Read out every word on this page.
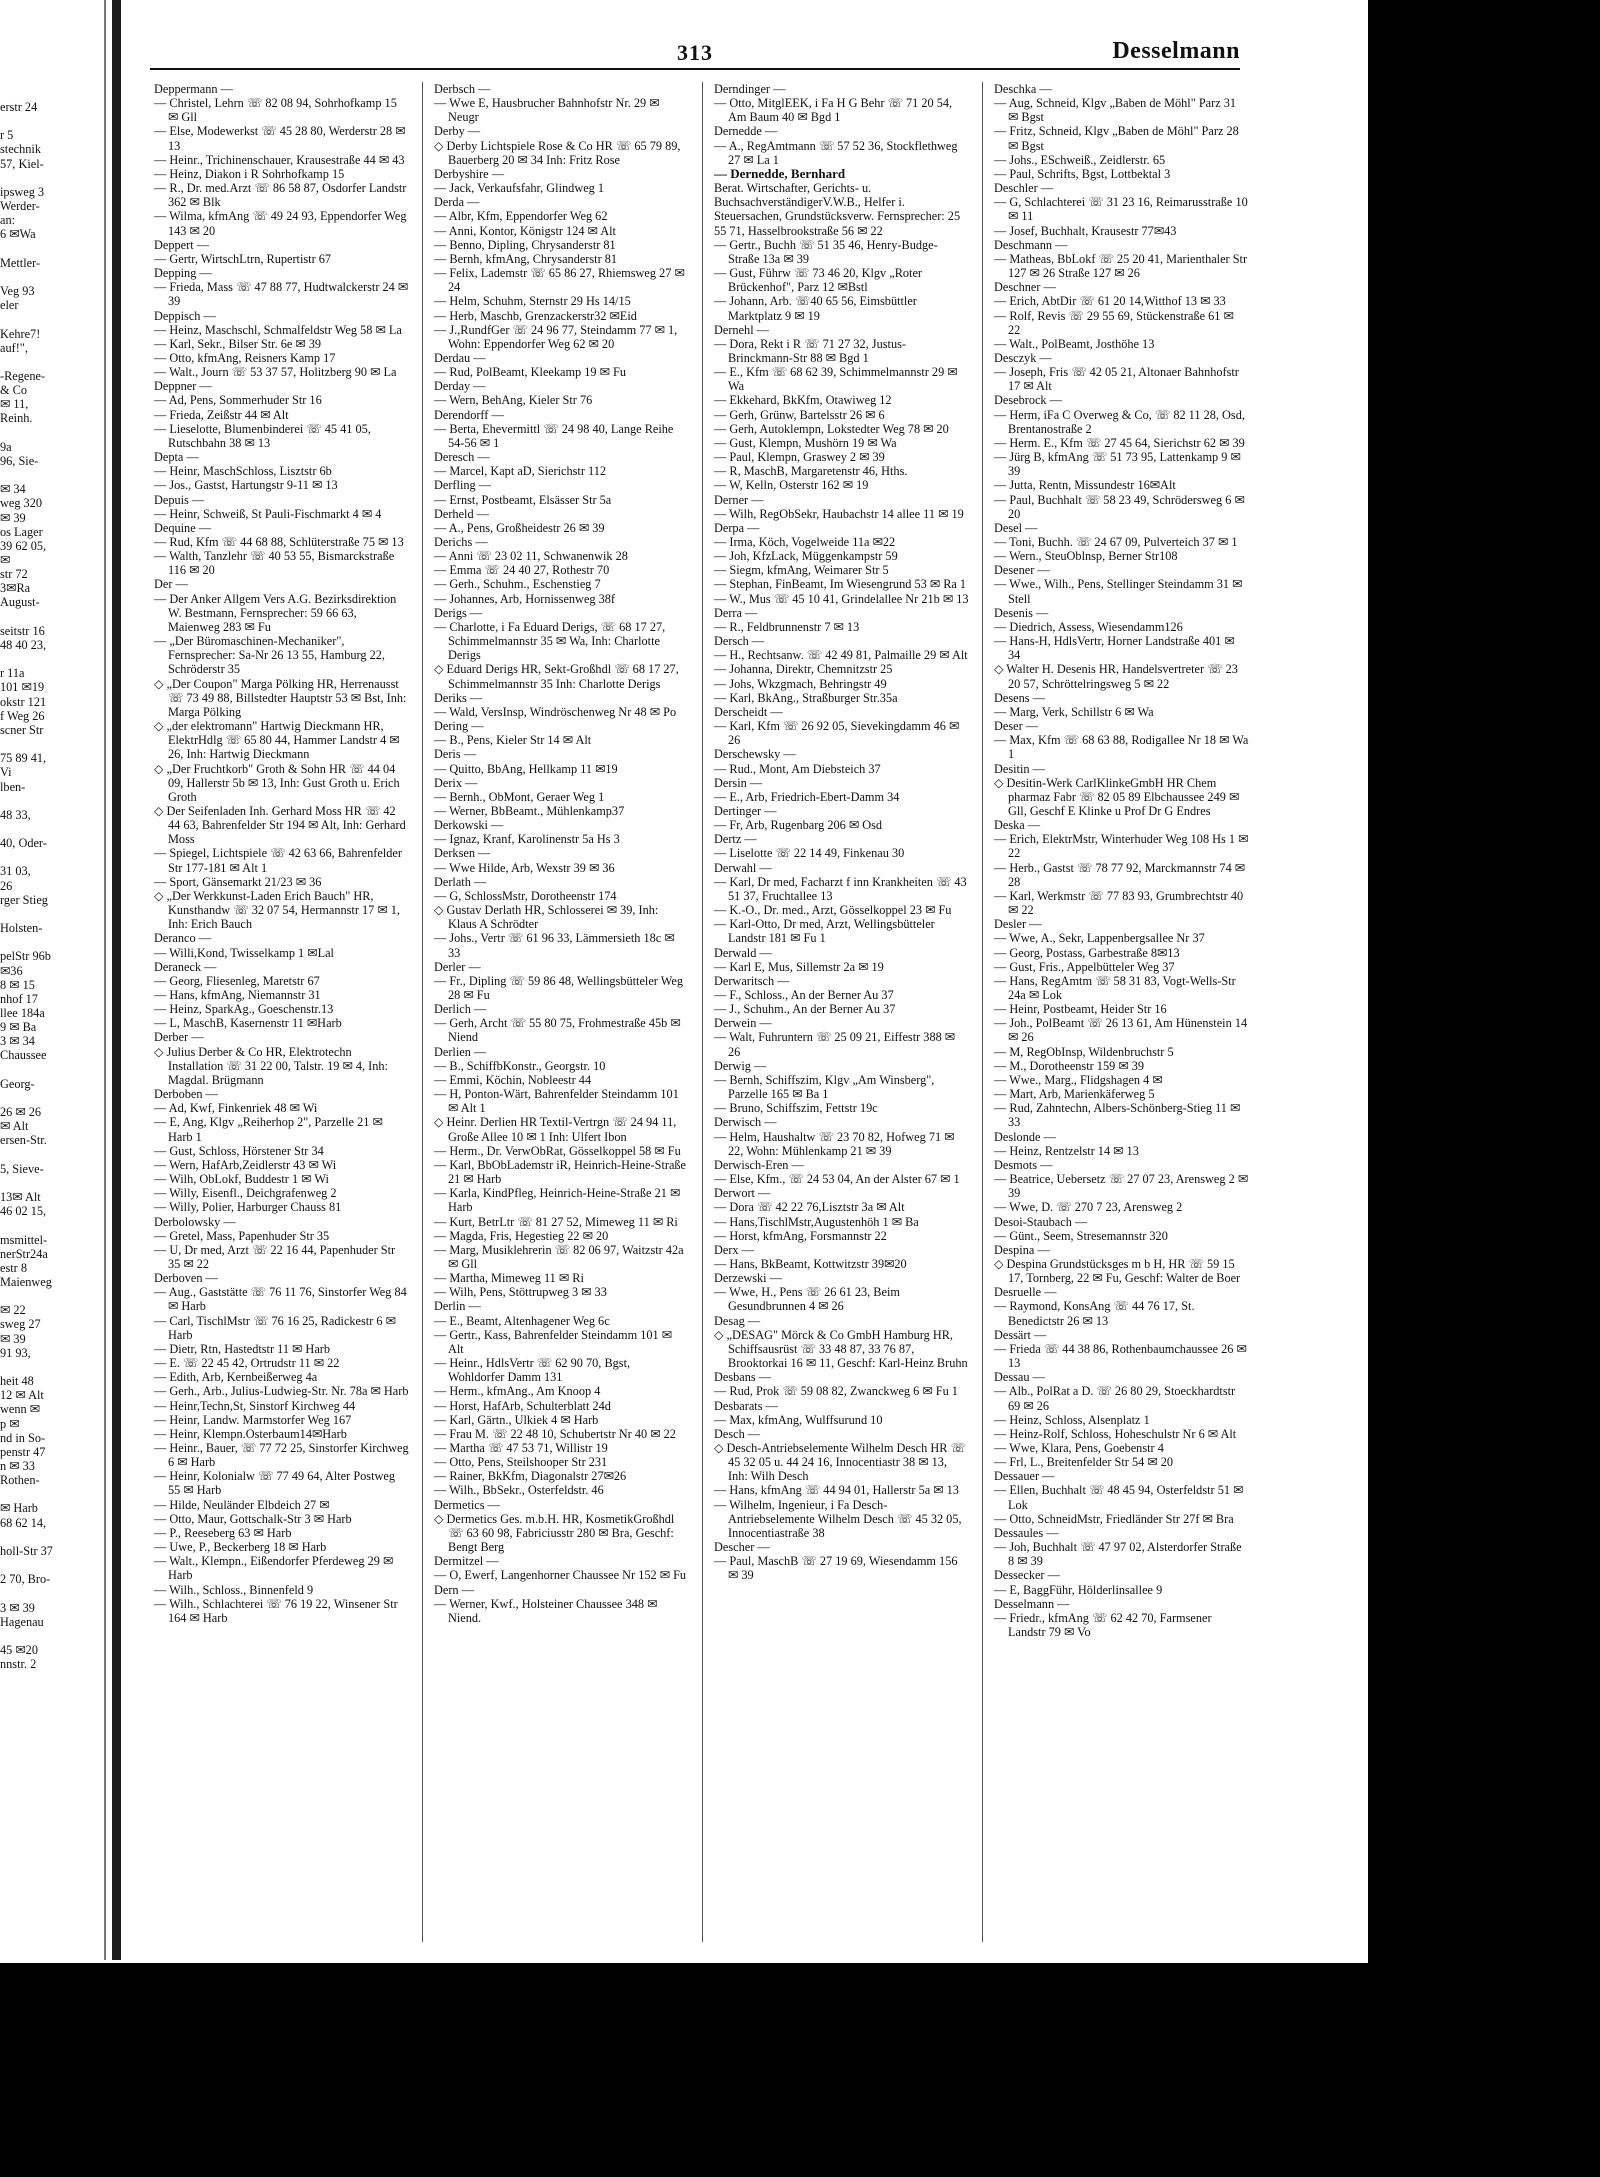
erstr 24

r 5
stechnik
57, Kiel-

ipsweg 3
Werder-
an:
6 ✉Wa

Mettler-

Veg 93
eler

Kehre7!
auf!",

-Regene-
& Co
✉ 11,
Reinh.

9a
96, Sie-

✉ 34
weg 320
✉ 39
os Lager
39 62 05,
✉
str 72
3✉Ra
August-

seitstr 16
48 40 23,

r 11a
101 ✉19
okstr 121
f Weg 26
scner Str

75 89 41,
Vi
lben-

48 33,

40, Oder-

31 03,
26
rger Stieg

Holsten-

pelStr 96b
✉36
8 ✉ 15
nhof 17
llee 184a
9 ✉ Ba
3 ✉ 34
Chaussee

Georg-

26 ✉ 26
✉ Alt
ersen-Str.

5, Sieve-

13✉ Alt
46 02 15,

msmittel-
nerStr24a
estr 8
Maienweg

✉ 22
sweg 27
✉ 39
91 93,

heit 48
12 ✉ Alt
wenn ✉
p ✉
nd in So-
penstr 47
n ✉ 33
Rothen-

✉ Harb
68 62 14,

holl-Str 37

2 70, Bro-

3 ✉ 39
Hagenau

45 ✉20
nnstr. 2
313	Desselmann
Deppermann —
— Christel, Lehrn ☏ 82 08 94, Sohrhofkamp 15 ✉ Gll
— Else, Modewerkst ☏ 45 28 80, Werderstr 28 ✉ 13
— Heinr., Trichinenschauer, Krausestraße 44 ✉ 43
— Heinz, Diakon i R Sohrhofkamp 15
— R., Dr. med.Arzt ☏ 86 58 87, Osdorfer Landstr 362 ✉ Blk
— Wilma, kfmAng ☏ 49 24 93, Eppendorfer Weg 143 ✉ 20
Deppert —
— Gertr, WirtschLtrn, Rupertistr 67
Depping —
— Frieda, Mass ☏ 47 88 77, Hudtwalckerstr 24 ✉ 39
Deppisch —
— Heinz, Maschschl, Schmalfeldstr Weg 58 ✉ La
— Karl, Sekr., Bilser Str. 6e ✉ 39
— Otto, kfmAng, Reisners Kamp 17
— Walt., Journ ☏ 53 37 57, Holitzberg 90 ✉ La
Deppner —
— Ad, Pens, Sommerhuder Str 16
— Frieda, Zeißstr 44 ✉ Alt
— Lieselotte, Blumenbinderei ☏ 45 41 05, Rutschbahn 38 ✉ 13
Depta —
— Heinr, MaschSchloss, Lisztstr 6b
— Jos., Gastst, Hartungstr 9-11 ✉ 13
Depuis —
— Heinr, Schweiß, St Pauli-Fischmarkt 4 ✉ 4
Dequine —
— Rud, Kfm ☏ 44 68 88, Schlüterstraße 75 ✉ 13
— Walth, Tanzlehr ☏ 40 53 55, Bismarckstraße 116 ✉ 20
Der —
— Der Anker Allgem Vers A.G. Bezirksdirektion W. Bestmann, Fernsprecher: 59 66 63, Maienweg 283 ✉ Fu
— „Der Büromaschinen-Mechaniker", Fernsprecher: Sa-Nr 26 13 55, Hamburg 22, Schröderstr 35
◇ „Der Coupon" Marga Pölking HR, Herrenausst ☏ 73 49 88, Billstedter Hauptstr 53 ✉ Bst, Inh: Marga Pölking
◇ „der elektromann" Hartwig Dieckmann HR, ElektrHdlg ☏ 65 80 44, Hammer Landstr 4 ✉ 26, Inh: Hartwig Dieckmann
◇ „Der Fruchtkorb" Groth & Sohn HR ☏ 44 04 09, Hallerstr 5b ✉ 13, Inh: Gust Groth u. Erich Groth
◇ Der Seifenladen Inh. Gerhard Moss HR ☏ 42 44 63, Bahrenfelder Str 194 ✉ Alt, Inh: Gerhard Moss
— Spiegel, Lichtspiele ☏ 42 63 66, Bahrenfelder Str 177-181 ✉ Alt 1
— Sport, Gänsemarkt 21/23 ✉ 36
◇ „Der Werkkunst-Laden Erich Bauch" HR, Kunsthandw ☏ 32 07 54, Hermannstr 17 ✉ 1, Inh: Erich Bauch
Deranco —
— Willi,Kond, Twisselkamp 1 ✉Lal
Deraneck —
— Georg, Fliesenleg, Maretstr 67
— Hans, kfmAng, Niemannstr 31
— Heinz, SparkAg., Goeschenstr.13
— L, MaschB, Kasernenstr 11 ✉Harb
Derber —
◇ Julius Derber & Co HR, Elektrotechn Installation ☏ 31 22 00, Talstr. 19 ✉ 4, Inh: Magdal. Brügmann
Derboben —
— Ad, Kwf, Finkenriek 48 ✉ Wi
— E, Ang, Klgv „Reiherhop 2", Parzelle 21 ✉ Harb 1
— Gust, Schloss, Hörstener Str 34
— Wern, HafArb,Zeidlerstr 43 ✉ Wi
— Wilh, ObLokf, Buddestr 1 ✉ Wi
— Willy, Eisenfl., Deichgrafenweg 2
— Willy, Polier, Harburger Chauss 81
Derbolowsky —
— Gretel, Mass, Papenhuder Str 35
— U, Dr med, Arzt ☏ 22 16 44, Papenhuder Str 35 ✉ 22
Derboven —
— Aug., Gaststätte ☏ 76 11 76, Sinstorfer Weg 84 ✉ Harb
— Carl, TischlMstr ☏ 76 16 25, Radickestr 6 ✉ Harb
— Dietr, Rtn, Hastedtstr 11 ✉ Harb
— E. ☏ 22 45 42, Ortrudstr 11 ✉ 22
— Edith, Arb, Kernbeißerweg 4a
— Gerh., Arb., Julius-Ludwieg-Str. Nr. 78a ✉ Harb
— Heinr,Techn,St, Sinstorf Kirchweg 44
— Heinr, Landw. Marmstorfer Weg 167
— Heinr, Klempn.Osterbaum14✉Harb
— Heinr., Bauer, ☏ 77 72 25, Sinstorfer Kirchweg 6 ✉ Harb
— Heinr, Kolonialw ☏ 77 49 64, Alter Postweg 55 ✉ Harb
— Hilde, Neuländer Elbdeich 27 ✉
— Otto, Maur, Gottschalk-Str 3 ✉ Harb
— P., Reeseberg 63 ✉ Harb
— Uwe, P., Beckerberg 18 ✉ Harb
— Walt., Klempn., Eißendorfer Pferdeweg 29 ✉ Harb
— Wilh., Schloss., Binnenfeld 9
— Wilh., Schlachterei ☏ 76 19 22, Winsener Str 164 ✉ Harb
Derbsch —
— Wwe E, Hausbrucher Bahnhofstr Nr. 29 ✉ Neugr
Derby —
◇ Derby Lichtspiele Rose & Co HR ☏ 65 79 89, Bauerberg 20 ✉ 34 Inh: Fritz Rose
Derbyshire —
— Jack, Verkaufsfahr, Glindweg 1
Derda —
— Albr, Kfm, Eppendorfer Weg 62
— Anni, Kontor, Königstr 124 ✉ Alt
— Benno, Dipling, Chrysanderstr 81
— Bernh, kfmAng, Chrysanderstr 81
— Felix, Lademstr ☏ 65 86 27, Rhiemsweg 27 ✉ 24
— Helm, Schuhm, Sternstr 29 Hs 14/15
— Herb, Maschb, Grenzackerstr32 ✉Eid
— J.,RundfGer ☏ 24 96 77, Steindamm 77 ✉ 1, Wohn: Eppendorfer Weg 62 ✉ 20
Derdau —
— Rud, PolBeamt, Kleekamp 19 ✉ Fu
Derday —
— Wern, BehAng, Kieler Str 76
Derendorff —
— Berta, Ehevermittl ☏ 24 98 40, Lange Reihe 54-56 ✉ 1
Deresch —
— Marcel, Kapt aD, Sierichstr 112
Derfling —
— Ernst, Postbeamt, Elsässer Str 5a
Derheld —
— A., Pens, Großheidestr 26 ✉ 39
Derichs —
— Anni ☏ 23 02 11, Schwanenwik 28
— Emma ☏ 24 40 27, Rothestr 70
— Gerh., Schuhm., Eschenstieg 7
— Johannes, Arb, Hornissenweg 38f
Derigs —
— Charlotte, i Fa Eduard Derigs, ☏ 68 17 27, Schimmelmannstr 35 ✉ Wa, Inh: Charlotte Derigs
◇ Eduard Derigs HR, Sekt-Großhdl ☏ 68 17 27, Schimmelmannstr 35 Inh: Charlotte Derigs
Deriks —
— Wald, VersInsp, Windröschenweg Nr 48 ✉ Po
Dering —
— B., Pens, Kieler Str 14 ✉ Alt
Deris —
— Quitto, BbAng, Hellkamp 11 ✉19
Derix —
— Bernh., ObMont, Geraer Weg 1
— Werner, BbBeamt., Mühlenkamp37
Derkowski —
— Ignaz, Kranf, Karolinenstr 5a Hs 3
Derksen —
— Wwe Hilde, Arb, Wexstr 39 ✉ 36
Derlath —
— G, SchlossMstr, Dorotheenstr 174
◇ Gustav Derlath HR, Schlosserei ✉ 39, Inh: Klaus A Schrödter
— Johs., Vertr ☏ 61 96 33, Lämmersieth 18c ✉ 33
Derler —
— Fr., Dipling ☏ 59 86 48, Wellingsbütteler Weg 28 ✉ Fu
Derlich —
— Gerh, Archt ☏ 55 80 75, Frohmestraße 45b ✉ Niend
Derlien —
— B., SchiffbKonstr., Georgstr. 10
— Emmi, Köchin, Nobleestr 44
— H, Ponton-Wärt, Bahrenfelder Steindamm 101 ✉ Alt 1
◇ Heinr. Derlien HR Textil-Vertrgn ☏ 24 94 11, Große Allee 10 ✉ 1 Inh: Ulfert Ibon
— Herm., Dr. VerwObRat, Gösselkoppel 58 ✉ Fu
— Karl, BbObLademstr iR, Heinrich-Heine-Straße 21 ✉ Harb
— Karla, KindPfleg, Heinrich-Heine-Straße 21 ✉ Harb
— Kurt, BetrLtr ☏ 81 27 52, Mimeweg 11 ✉ Ri
— Magda, Fris, Hegestieg 22 ✉ 20
— Marg, Musiklehrerin ☏ 82 06 97, Waitzstr 42a ✉ Gll
— Martha, Mimeweg 11 ✉ Ri
— Wilh, Pens, Stöttrupweg 3 ✉ 33
Derlin —
— E., Beamt, Altenhagener Weg 6c
— Gertr., Kass, Bahrenfelder Steindamm 101 ✉ Alt
— Heinr., HdlsVertr ☏ 62 90 70, Bgst, Wohldorfer Damm 131
— Herm., kfmAng., Am Knoop 4
— Horst, HafArb, Schulterblatt 24d
— Karl, Gärtn., Ulkiek 4 ✉ Harb
— Frau M. ☏ 22 48 10, Schubertstr Nr 40 ✉ 22
— Martha ☏ 47 53 71, Willistr 19
— Otto, Pens, Steilshooper Str 231
— Rainer, BkKfm, Diagonalstr 27✉26
— Wilh., BbSekr., Osterfeldstr. 46
Dermetics —
◇ Dermetics Ges. m.b.H. HR, KosmetikGroßhdl ☏ 63 60 98, Fabriciusstr 280 ✉ Bra, Geschf: Bengt Berg
Dermitzel —
— O, Ewerf, Langenhorner Chaussee Nr 152 ✉ Fu
Dern —
— Werner, Kwf., Holsteiner Chaussee 348 ✉ Niend.
Derndinger —
— Otto, MitglEEK, i Fa H G Behr ☏ 71 20 54, Am Baum 40 ✉ Bgd 1
Dernedde —
— A., RegAmtmann ☏ 57 52 36, Stockflethweg 27 ✉ La 1
— Dernedde, Bernhard
Berat. Wirtschafter, Gerichts- u. BuchsachverständigerV.W.B., Helfer i. Steuersachen, Grundstücksverw. Fernsprecher: 25 55 71, Hasselbrookstraße 56 ✉ 22
— Gertr., Buchh ☏ 51 35 46, Henry-Budge-Straße 13a ✉ 39
— Gust, Führw ☏ 73 46 20, Klgv „Roter Brückenhof", Parz 12 ✉Bstl
— Johann, Arb. ☏40 65 56, Eimsbüttler Marktplatz 9 ✉ 19
Dernehl —
— Dora, Rekt i R ☏ 71 27 32, Justus-Brinckmann-Str 88 ✉ Bgd 1
— E., Kfm ☏ 68 62 39, Schimmelmannstr 29 ✉ Wa
— Ekkehard, BkKfm, Otawiweg 12
— Gerh, Grünw, Bartelsstr 26 ✉ 6
— Gerh, Autoklempn, Lokstedter Weg 78 ✉ 20
— Gust, Klempn, Mushörn 19 ✉ Wa
— Paul, Klempn, Graswey 2 ✉ 39
— R, MaschB, Margaretenstr 46, Hths.
— W, Kelln, Osterstr 162 ✉ 19
Derner —
— Wilh, RegObSekr, Haubachstr 14 allee 11 ✉ 19
Derpa —
— Irma, Köch, Vogelweide 11a ✉22
— Joh, KfzLack, Müggenkampstr 59
— Siegm, kfmAng, Weimarer Str 5
— Stephan, FinBeamt, Im Wiesengrund 53 ✉ Ra 1
— W., Mus ☏ 45 10 41, Grindelallee Nr 21b ✉ 13
Derra —
— R., Feldbrunnenstr 7 ✉ 13
Dersch —
— H., Rechtsanw. ☏ 42 49 81, Palmaille 29 ✉ Alt
— Johanna, Direktr, Chemnitzstr 25
— Johs, Wkzgmach, Behringstr 49
— Karl, BkAng., Straßburger Str.35a
Derscheidt —
— Karl, Kfm ☏ 26 92 05, Sievekingdamm 46 ✉ 26
Derschewsky —
— Rud., Mont, Am Diebsteich 37
Dersin —
— E., Arb, Friedrich-Ebert-Damm 34
Dertinger —
— Fr, Arb, Rugenbarg 206 ✉ Osd
Dertz —
— Liselotte ☏ 22 14 49, Finkenau 30
Derwahl —
— Karl, Dr med, Facharzt f inn Krankheiten ☏ 43 51 37, Fruchtallee 13
— K.-O., Dr. med., Arzt, Gösselkoppel 23 ✉ Fu
— Karl-Otto, Dr med, Arzt, Wellingsbütteler Landstr 181 ✉ Fu 1
Derwald —
— Karl E, Mus, Sillemstr 2a ✉ 19
Derwaritsch —
— F., Schloss., An der Berner Au 37
— J., Schuhm., An der Berner Au 37
Derwein —
— Walt, Fuhruntern ☏ 25 09 21, Eiffestr 388 ✉ 26
Derwig —
— Bernh, Schiffszim, Klgv „Am Winsberg", Parzelle 165 ✉ Ba 1
— Bruno, Schiffszim, Fettstr 19c
Derwisch —
— Helm, Haushaltw ☏ 23 70 82, Hofweg 71 ✉ 22, Wohn: Mühlenkamp 21 ✉ 39
Derwisch-Eren —
— Else, Kfm., ☏ 24 53 04, An der Alster 67 ✉ 1
Derwort —
— Dora ☏ 42 22 76,Lisztstr 3a ✉ Alt
— Hans,TischlMstr,Augustenhöh 1 ✉ Ba
— Horst, kfmAng, Forsmannstr 22
Derx —
— Hans, BkBeamt, Kottwitzstr 39✉20
Derzewski —
— Wwe, H., Pens ☏ 26 61 23, Beim Gesundbrunnen 4 ✉ 26
Desag —
◇ „DESAG" Mörck & Co GmbH Hamburg HR, Schiffsausrüst ☏ 33 48 87, 33 76 87, Brooktorkai 16 ✉ 11, Geschf: Karl-Heinz Bruhn
Desbans —
— Rud, Prok ☏ 59 08 82, Zwanckweg 6 ✉ Fu 1
Desbarats —
— Max, kfmAng, Wulffsurund 10
Desch —
◇ Desch-Antriebselemente Wilhelm Desch HR ☏ 45 32 05 u. 44 24 16, Innocentiastr 38 ✉ 13, Inh: Wilh Desch
— Hans, kfmAng ☏ 44 94 01, Hallerstr 5a ✉ 13
— Wilhelm, Ingenieur, i Fa Desch-Antriebselemente Wilhelm Desch ☏ 45 32 05, Innocentiastraße 38
Descher —
— Paul, MaschB ☏ 27 19 69, Wiesendamm 156 ✉ 39
Deschka —
— Aug, Schneid, Klgv „Baben de Möhl" Parz 31 ✉ Bgst
— Fritz, Schneid, Klgv „Baben de Möhl" Parz 28 ✉ Bgst
— Johs., ESchweiß., Zeidlerstr. 65
— Paul, Schrifts, Bgst, Lottbektal 3
Deschler —
— G, Schlachterei ☏ 31 23 16, Reimarusstraße 10 ✉ 11
— Josef, Buchhalt, Krausestr 77✉43
Deschmann —
— Matheas, BbLokf ☏ 25 20 41, Marienthaler Str 127 ✉ 26 Straße 127 ✉ 26
Deschner —
— Erich, AbtDir ☏ 61 20 14,Witthof 13 ✉ 33
— Rolf, Revis ☏ 29 55 69, Stückenstraße 61 ✉ 22
— Walt., PolBeamt, Josthöhe 13
Desczyk —
— Joseph, Fris ☏ 42 05 21, Altonaer Bahnhofstr 17 ✉ Alt
Desebrock —
— Herm, iFa C Overweg & Co, ☏ 82 11 28, Osd, Brentanostraße 2
— Herm. E., Kfm ☏ 27 45 64, Sierichstr 62 ✉ 39
— Jürg B, kfmAng ☏ 51 73 95, Lattenkamp 9 ✉ 39
— Jutta, Rentn, Missundestr 16✉Alt
— Paul, Buchhalt ☏ 58 23 49, Schrödersweg 6 ✉ 20
Desel —
— Toni, Buchh. ☏ 24 67 09, Pulverteich 37 ✉ 1
— Wern., SteuOblnsp, Berner Str108
Desener —
— Wwe., Wilh., Pens, Stellinger Steindamm 31 ✉ Stell
Desenis —
— Diedrich, Assess, Wiesendamm126
— Hans-H, HdlsVertr, Horner Landstraße 401 ✉ 34
◇ Walter H. Desenis HR, Handelsvertreter ☏ 23 20 57, Schröttelringsweg 5 ✉ 22
Desens —
— Marg, Verk, Schillstr 6 ✉ Wa
Deser —
— Max, Kfm ☏ 68 63 88, Rodigallee Nr 18 ✉ Wa 1
Desitin —
◇ Desitin-Werk CarlKlinkeGmbH HR Chem pharmaz Fabr ☏ 82 05 89 Elbchaussee 249 ✉ Gll, Geschf E Klinke u Prof Dr G Endres
Deska —
— Erich, ElektrMstr, Winterhuder Weg 108 Hs 1 ✉ 22
— Herb., Gastst ☏ 78 77 92, Marckmannstr 74 ✉ 28
— Karl, Werkmstr ☏ 77 83 93, Grumbrechtstr 40 ✉ 22
Desler —
— Wwe, A., Sekr, Lappenbergsallee Nr 37
— Georg, Postass, Garbestraße 8✉13
— Gust, Fris., Appelbütteler Weg 37
— Hans, RegAmtm ☏ 58 31 83, Vogt-Wells-Str 24a ✉ Lok
— Heinr, Postbeamt, Heider Str 16
— Joh., PolBeamt ☏ 26 13 61, Am Hünenstein 14 ✉ 26
— M, RegObInsp, Wildenbruchstr 5
— M., Dorotheenstr 159 ✉ 39
— Wwe., Marg., Flidgshagen 4 ✉
— Mart, Arb, Marienkäferweg 5
— Rud, Zahntechn, Albers-Schönberg-Stieg 11 ✉ 33
Deslonde —
— Heinz, Rentzelstr 14 ✉ 13
Desmots —
— Beatrice, Uebersetz ☏ 27 07 23, Arensweg 2 ✉ 39
— Wwe, D. ☏ 270 7 23, Arensweg 2
Desoi-Staubach —
— Günt., Seem, Stresemannstr 320
Despina —
◇ Despina Grundstücksges m b H, HR ☏ 59 15 17, Tornberg, 22 ✉ Fu, Geschf: Walter de Boer
Desruelle —
— Raymond, KonsAng ☏ 44 76 17, St. Benedictstr 26 ✉ 13
Dessärt —
— Frieda ☏ 44 38 86, Rothenbaumchaussee 26 ✉ 13
Dessau —
— Alb., PolRat a D. ☏ 26 80 29, Stoeckhardtstr 69 ✉ 26
— Heinz, Schloss, Alsenplatz 1
— Heinz-Rolf, Schloss, Hoheschulstr Nr 6 ✉ Alt
— Wwe, Klara, Pens, Goebenstr 4
— Frl, L., Breitenfelder Str 54 ✉ 20
Dessauer —
— Ellen, Buchhalt ☏ 48 45 94, Osterfeldstr 51 ✉ Lok
— Otto, SchneidMstr, Friedländer Str 27f ✉ Bra
Dessaules —
— Joh, Buchhalt ☏ 47 97 02, Alsterdorfer Straße 8 ✉ 39
Dessecker —
— E, BaggFühr, Hölderlinsallee 9
Desselmann —
— Friedr., kfmAng ☏ 62 42 70, Farmsener Landstr 79 ✉ Vo
